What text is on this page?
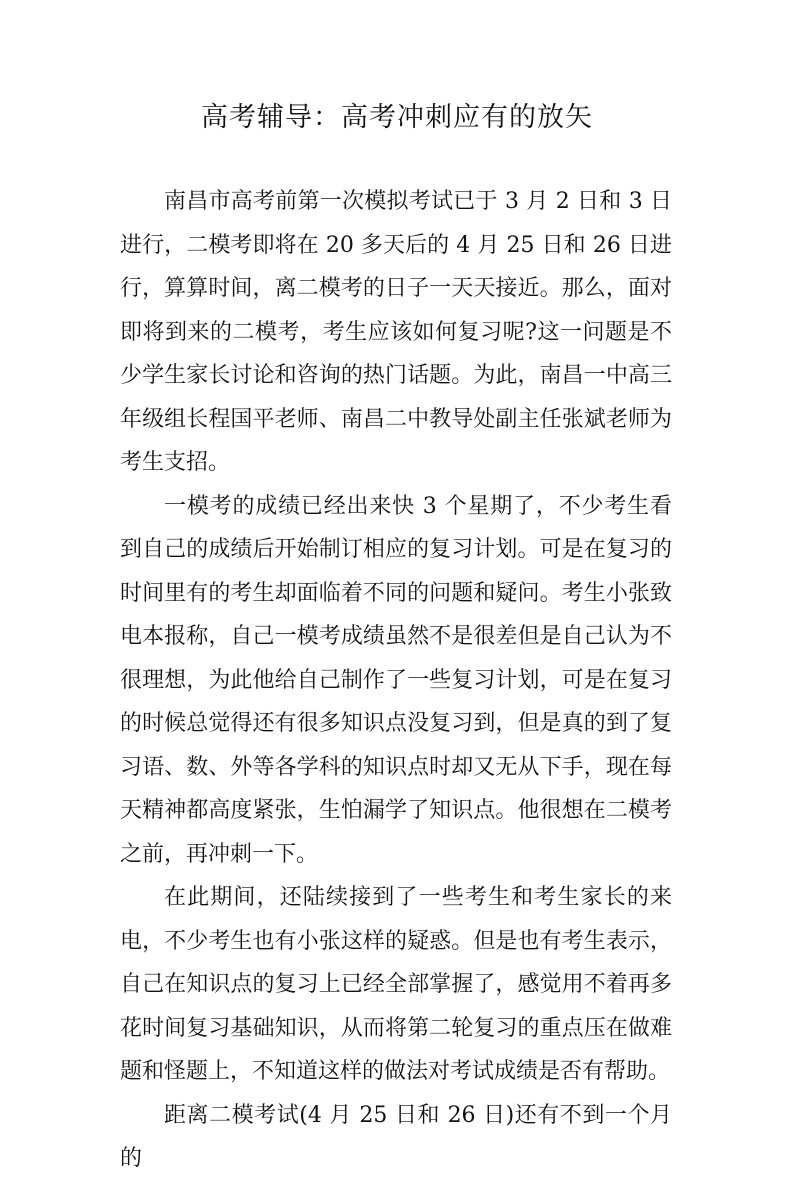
高考辅导：高考冲刺应有的放矢

南昌市高考前第一次模拟考试已于 3 月 2 日和 3 日进行，二模考即将在 20 多天后的 4 月 25 日和 26 日进行，算算时间，离二模考的日子一天天接近。那么，面对即将到来的二模考，考生应该如何复习呢?这一问题是不少学生家长讨论和咨询的热门话题。为此，南昌一中高三年级组长程国平老师、南昌二中教导处副主任张斌老师为考生支招。

一模考的成绩已经出来快 3 个星期了，不少考生看到自己的成绩后开始制订相应的复习计划。可是在复习的时间里有的考生却面临着不同的问题和疑问。考生小张致电本报称，自己一模考成绩虽然不是很差但是自己认为不很理想，为此他给自己制作了一些复习计划，可是在复习的时候总觉得还有很多知识点没复习到，但是真的到了复习语、数、外等各学科的知识点时却又无从下手，现在每天精神都高度紧张，生怕漏学了知识点。他很想在二模考之前，再冲刺一下。

在此期间，还陆续接到了一些考生和考生家长的来电，不少考生也有小张这样的疑惑。但是也有考生表示，自己在知识点的复习上已经全部掌握了，感觉用不着再多花时间复习基础知识，从而将第二轮复习的重点压在做难题和怪题上，不知道这样的做法对考试成绩是否有帮助。

距离二模考试(4 月 25 日和 26 日)还有不到一个月的
